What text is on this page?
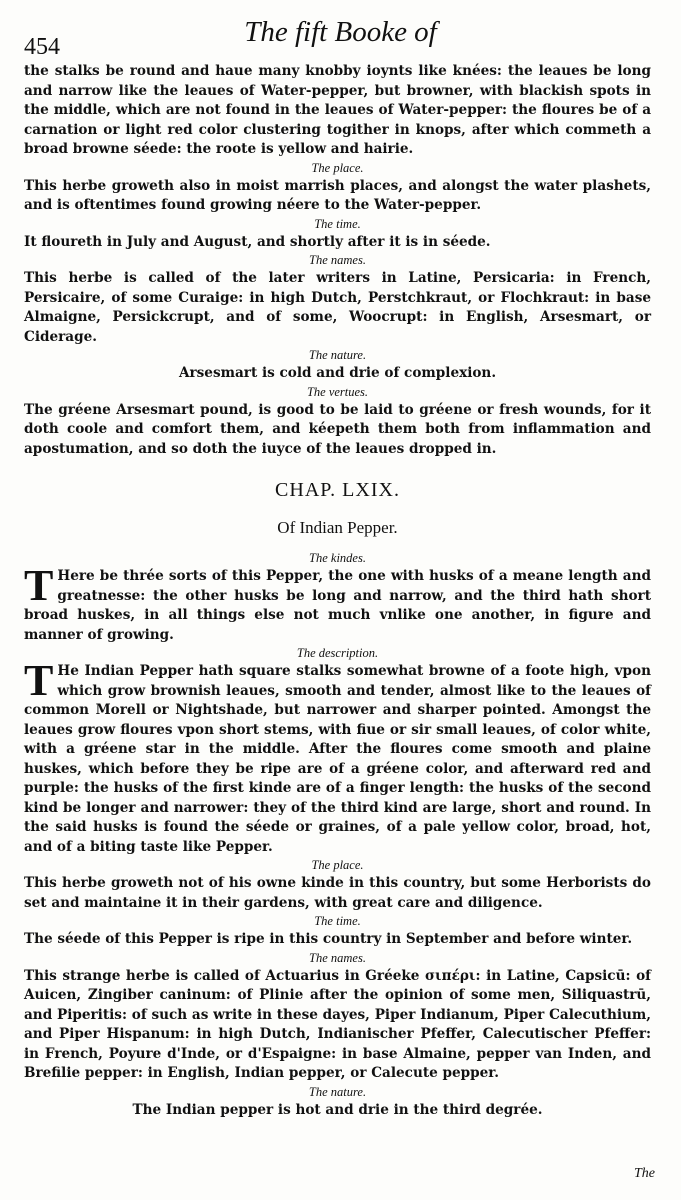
454	The fift Booke of

the stalks be round and haue many knobby ioynts like knées: the leaues be long and narrow like the leaues of Water-pepper, but browner, with blackish spots in the middle, which are not found in the leaues of Water-pepper: the floures be of a carnation or light red color clustering togither in knops, after which commeth a broad browne séede: the roote is yellow and hairie.

The place.

This herbe groweth also in moist marrish places, and alongst the water plashets, and is oftentimes found growing néere to the Water-pepper.

The time.

It floureth in July and August, and shortly after it is in séede.

The names.

This herbe is called of the later writers in Latine, Persicaria: in French, Persicaire, of some Curaige: in high Dutch, Perstchkraut, or Flochkraut: in base Almaigne, Persickcrupt, and of some, Woocrupt: in English, Arsesmart, or Ciderage.

The nature.

Arsesmart is cold and drie of complexion.

The vertues.

The gréene Arsesmart pound, is good to be laid to gréene or fresh wounds, for it doth coole and comfort them, and kéepeth them both from inflammation and apostumation, and so doth the iuyce of the leaues dropped in.

CHAP. LXIX.
Of Indian Pepper.

The kindes.

T Here be thrée sorts of this Pepper, the one with husks of a meane length and greatnesse: the other husks be long and narrow, and the third hath short broad huskes, in all things else not much vnlike one another, in figure and manner of growing.

The description.

T He Indian Pepper hath square stalks somewhat browne of a foote high, vpon which grow brownish leaues, smooth and tender, almost like to the leaues of common Morell or Nightshade, but narrower and sharper pointed. Amongst the leaues grow floures vpon short stems, with fiue or sir small leaues, of color white, with a gréene star in the middle. After the floures come smooth and plaine huskes, which before they be ripe are of a gréene color, and afterward red and purple: the husks of the first kinde are of a finger length: the husks of the second kind be longer and narrower: they of the third kind are large, short and round. In the said husks is found the séede or graines, of a pale yellow color, broad, hot, and of a biting taste like Pepper.

The place.

This herbe groweth not of his owne kinde in this country, but some Herborists do set and maintaine it in their gardens, with great care and diligence.

The time.

The séede of this Pepper is ripe in this country in September and before winter.

The names.

This strange herbe is called of Actuarius in Gréeke σιπέρι: in Latine, Capsicū: of Auicen, Zingiber caninum: of Plinie after the opinion of some men, Siliquastrū, and Piperitis: of such as write in these dayes, Piper Indianum, Piper Calecuthium, and Piper Hispanum: in high Dutch, Indianischer Pfeffer, Calecutischer Pfeffer: in French, Poyure d'Inde, or d'Espaigne: in base Almaine, pepper van Inden, and Brefilie pepper: in English, Indian pepper, or Calecute pepper.

The nature.

The Indian pepper is hot and drie in the third degrée.

The
